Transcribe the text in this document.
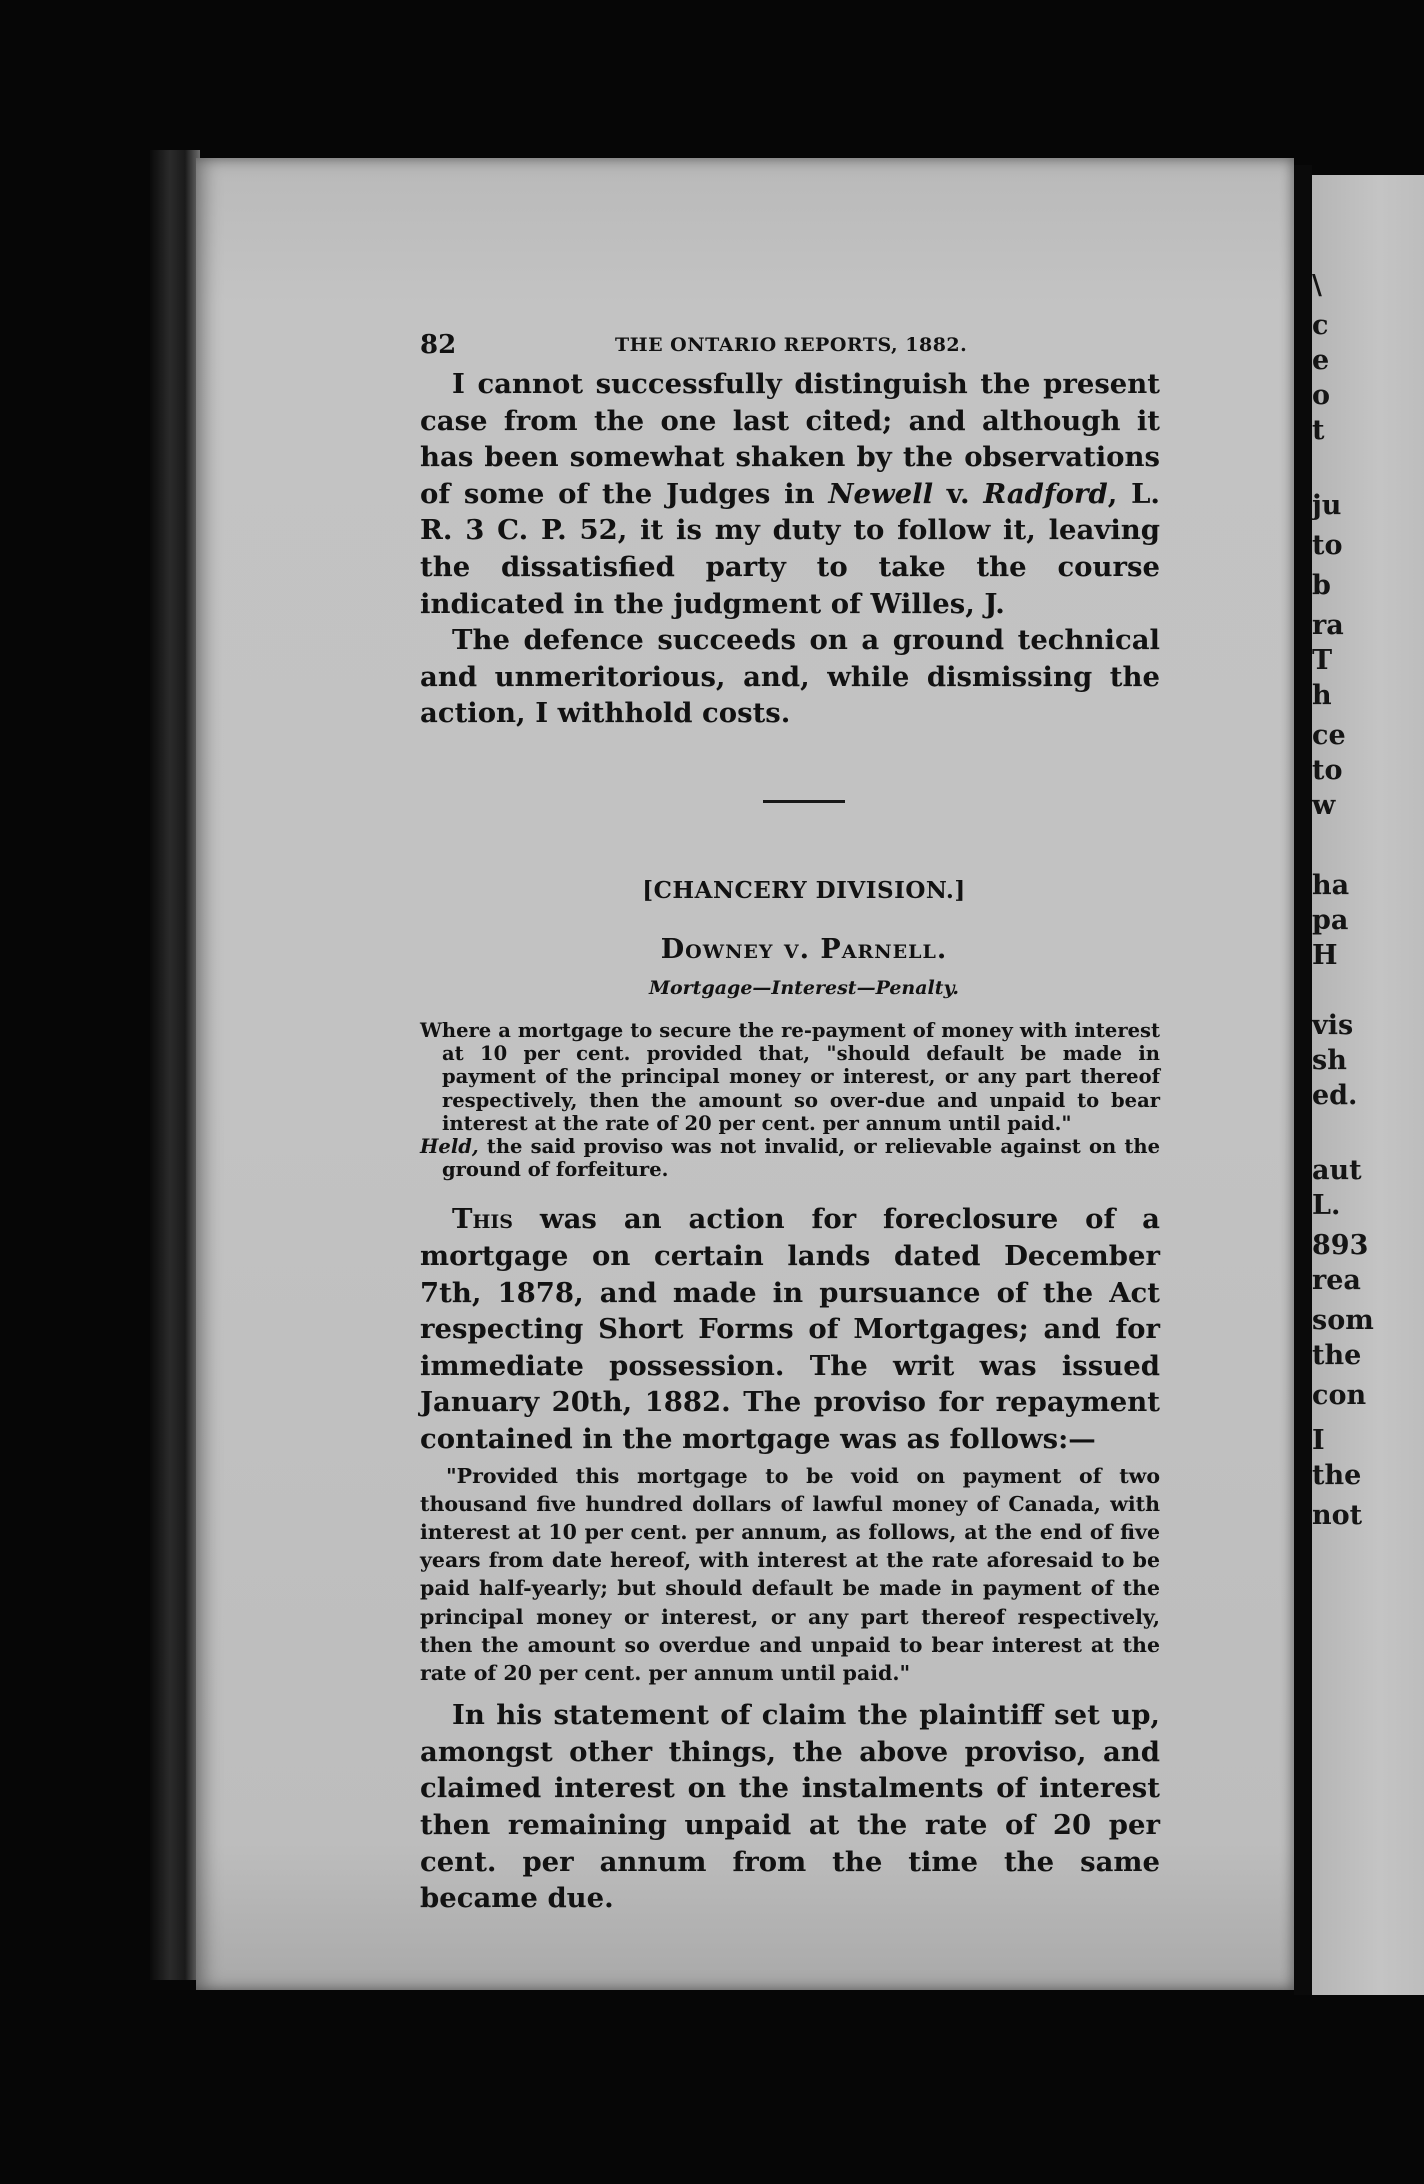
82	THE ONTARIO REPORTS, 1882.

I cannot successfully distinguish the present case from the one last cited; and although it has been somewhat shaken by the observations of some of the Judges in Newell v. Radford, L. R. 3 C. P. 52, it is my duty to follow it, leaving the dissatisfied party to take the course indicated in the judgment of Willes, J.

The defence succeeds on a ground technical and unmeritorious, and, while dismissing the action, I withhold costs.

[CHANCERY DIVISION.]
Downey v. Parnell.
Mortgage—Interest—Penalty.

Where a mortgage to secure the re-payment of money with interest at 10 per cent. provided that, "should default be made in payment of the principal money or interest, or any part thereof respectively, then the amount so over-due and unpaid to bear interest at the rate of 20 per cent. per annum until paid."

Held, the said proviso was not invalid, or relievable against on the ground of forfeiture.

This was an action for foreclosure of a mortgage on certain lands dated December 7th, 1878, and made in pursuance of the Act respecting Short Forms of Mortgages; and for immediate possession. The writ was issued January 20th, 1882. The proviso for repayment contained in the mortgage was as follows:—

"Provided this mortgage to be void on payment of two thousand five hundred dollars of lawful money of Canada, with interest at 10 per cent. per annum, as follows, at the end of five years from date hereof, with interest at the rate aforesaid to be paid half-yearly; but should default be made in payment of the principal money or interest, or any part thereof respectively, then the amount so overdue and unpaid to bear interest at the rate of 20 per cent. per annum until paid."

In his statement of claim the plaintiff set up, amongst other things, the above proviso, and claimed interest on the instalments of interest then remaining unpaid at the rate of 20 per cent. per annum from the time the same became due.

\
c
e
o
t
ju
to
b
ra
T
h
ce
to
w
ha
pa
H
vis
sh
ed.
aut
L.
893
rea
som
the
con
I
the
not
